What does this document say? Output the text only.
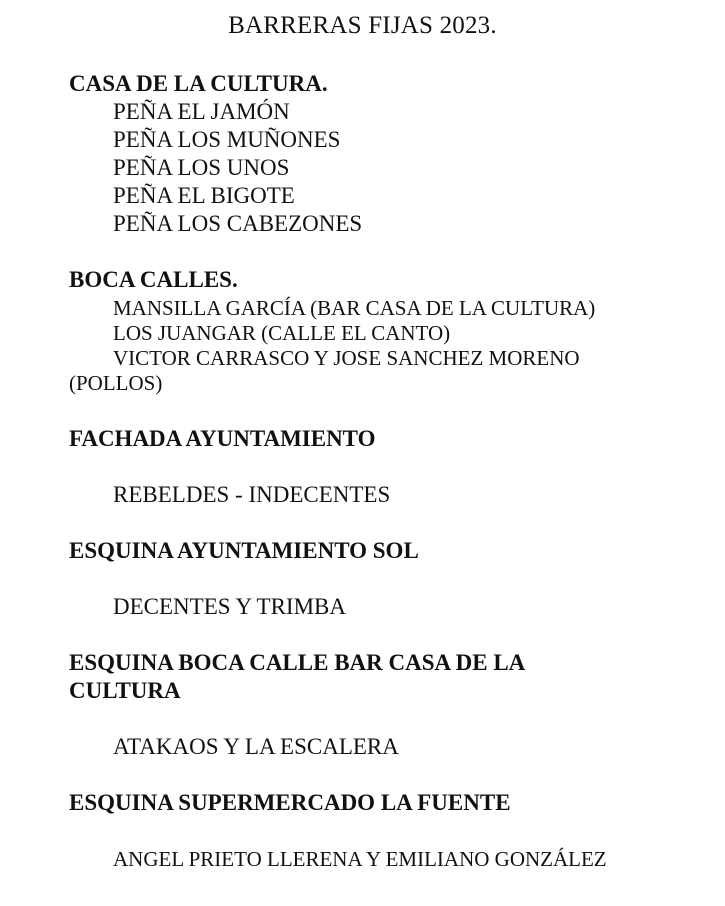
BARRERAS FIJAS 2023.
CASA DE LA CULTURA.
PEÑA EL JAMÓN
PEÑA LOS MUÑONES
PEÑA LOS UNOS
PEÑA EL BIGOTE
PEÑA LOS CABEZONES
BOCA CALLES.
MANSILLA GARCÍA (BAR CASA DE LA CULTURA)
LOS JUANGAR (CALLE EL CANTO)
VICTOR CARRASCO Y JOSE SANCHEZ MORENO (POLLOS)
FACHADA AYUNTAMIENTO
REBELDES - INDECENTES
ESQUINA AYUNTAMIENTO SOL
DECENTES Y TRIMBA
ESQUINA BOCA CALLE BAR CASA DE LA CULTURA
ATAKAOS Y LA ESCALERA
ESQUINA SUPERMERCADO LA FUENTE
ANGEL PRIETO LLERENA Y EMILIANO GONZÁLEZ
